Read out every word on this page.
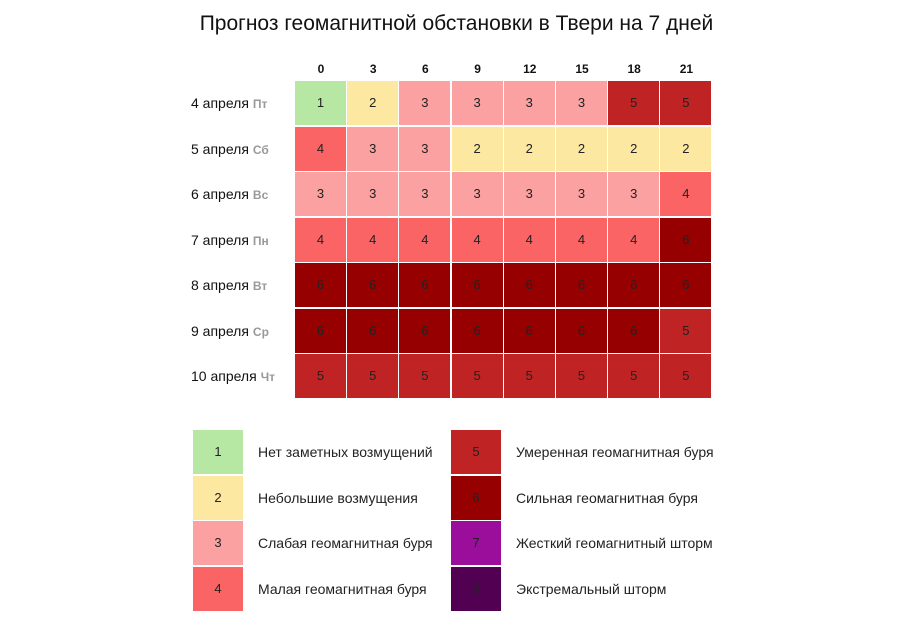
Прогноз геомагнитной обстановки в Твери на 7 дней
0	3	6	9	12	15	18	21
4 апреля Пт	1	2	3	3	3	3	5	5
5 апреля Сб	4	3	3	2	2	2	2	2
6 апреля Вс	3	3	3	3	3	3	3	4
7 апреля Пн	4	4	4	4	4	4	4	6
8 апреля Вт	6	6	6	6	6	6	6	6
9 апреля Ср	6	6	6	6	6	6	6	5
10 апреля Чт	5	5	5	5	5	5	5	5
1	Нет заметных возмущений
2	Небольшие возмущения
3	Слабая геомагнитная буря
4	Малая геомагнитная буря
5	Умеренная геомагнитная буря
6	Сильная геомагнитная буря
7	Жесткий геомагнитный шторм
8	Экстремальный шторм
